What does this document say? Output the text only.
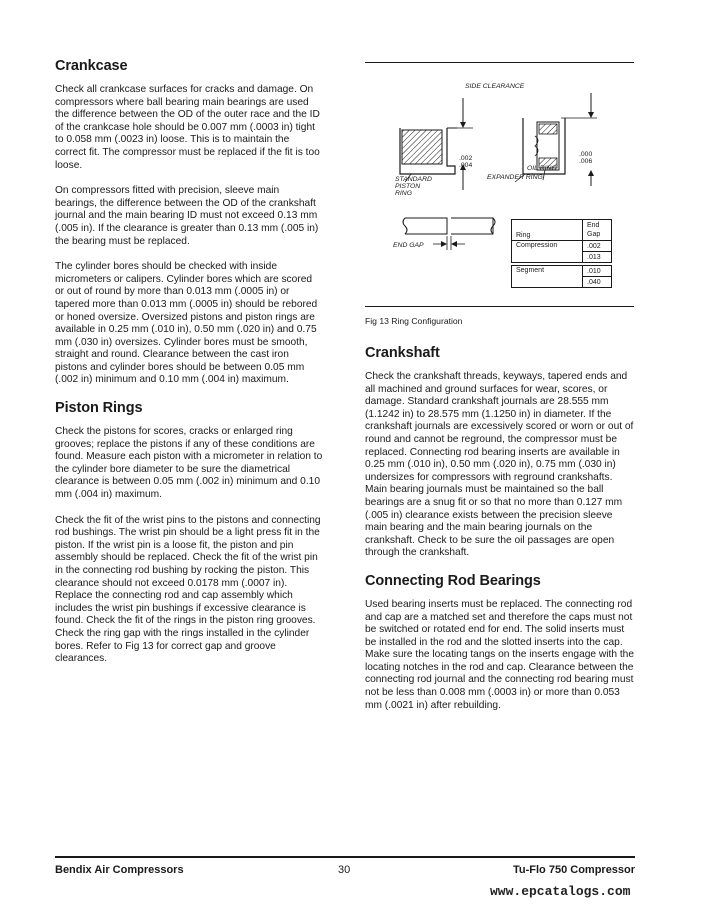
Crankcase

Check all crankcase surfaces for cracks and damage. On compressors where ball bearing main bearings are used the difference between the OD of the outer race and the ID of the crankcase hole should be 0.007 mm (.0003 in) tight to 0.058 mm (.0023 in) loose. This is to maintain the correct fit. The compressor must be replaced if the fit is too loose.

On compressors fitted with precision, sleeve main bearings, the difference between the OD of the crankshaft journal and the main bearing ID must not exceed 0.13 mm (.005 in). If the clearance is greater than 0.13 mm (.005 in) the bearing must be replaced.

The cylinder bores should be checked with inside micrometers or calipers. Cylinder bores which are scored or out of round by more than 0.013 mm (.0005 in) or tapered more than 0.013 mm (.0005 in) should be rebored or honed oversize. Oversized pistons and piston rings are available in 0.25 mm (.010 in), 0.50 mm (.020 in) and 0.75 mm (.030 in) oversizes. Cylinder bores must be smooth, straight and round. Clearance between the cast iron pistons and cylinder bores should be between 0.05 mm (.002 in) minimum and 0.10 mm (.004 in) maximum.

Piston Rings

Check the pistons for scores, cracks or enlarged ring grooves; replace the pistons if any of these conditions are found. Measure each piston with a micrometer in relation to the cylinder bore diameter to be sure the diametrical clearance is between 0.05 mm (.002 in) minimum and 0.10 mm (.004 in) maximum.

Check the fit of the wrist pins to the pistons and connecting rod bushings. The wrist pin should be a light press fit in the piston. If the wrist pin is a loose fit, the piston and pin assembly should be replaced. Check the fit of the wrist pin in the connecting rod bushing by rocking the piston. This clearance should not exceed 0.0178 mm (.0007 in). Replace the connecting rod and cap assembly which includes the wrist pin bushings if excessive clearance is found. Check the fit of the rings in the piston ring grooves. Check the ring gap with the rings installed in the cylinder bores. Refer to Fig 13 for correct gap and groove clearances.

SIDE CLEARANCE
.002
.004
.000
.006
STANDARD
PISTON
RING
EXPANDER RING
OIL RING
END GAP
Ring	End
Gap
Compression	.002
	.013
Segment	.010
	.040
Fig 13 Ring Configuration
Crankshaft

Check the crankshaft threads, keyways, tapered ends and all machined and ground surfaces for wear, scores, or damage. Standard crankshaft journals are 28.555 mm (1.1242 in) to 28.575 mm (1.1250 in) in diameter. If the crankshaft journals are excessively scored or worn or out of round and cannot be reground, the compressor must be replaced. Connecting rod bearing inserts are available in 0.25 mm (.010 in), 0.50 mm (.020 in), 0.75 mm (.030 in) undersizes for compressors with reground crankshafts. Main bearing journals must be maintained so the ball bearings are a snug fit or so that no more than 0.127 mm (.005 in) clearance exists between the precision sleeve main bearing and the main bearing journals on the crankshaft. Check to be sure the oil passages are open through the crankshaft.

Connecting Rod Bearings

Used bearing inserts must be replaced. The connecting rod and cap are a matched set and therefore the caps must not be switched or rotated end for end. The solid inserts must be installed in the rod and the slotted inserts into the cap. Make sure the locating tangs on the inserts engage with the locating notches in the rod and cap. Clearance between the connecting rod journal and the connecting rod bearing must not be less than 0.008 mm (.0003 in) or more than 0.053 mm (.0021 in) after rebuilding.

Bendix Air Compressors	30	Tu-Flo 750 Compressor
www.epcatalogs.com
